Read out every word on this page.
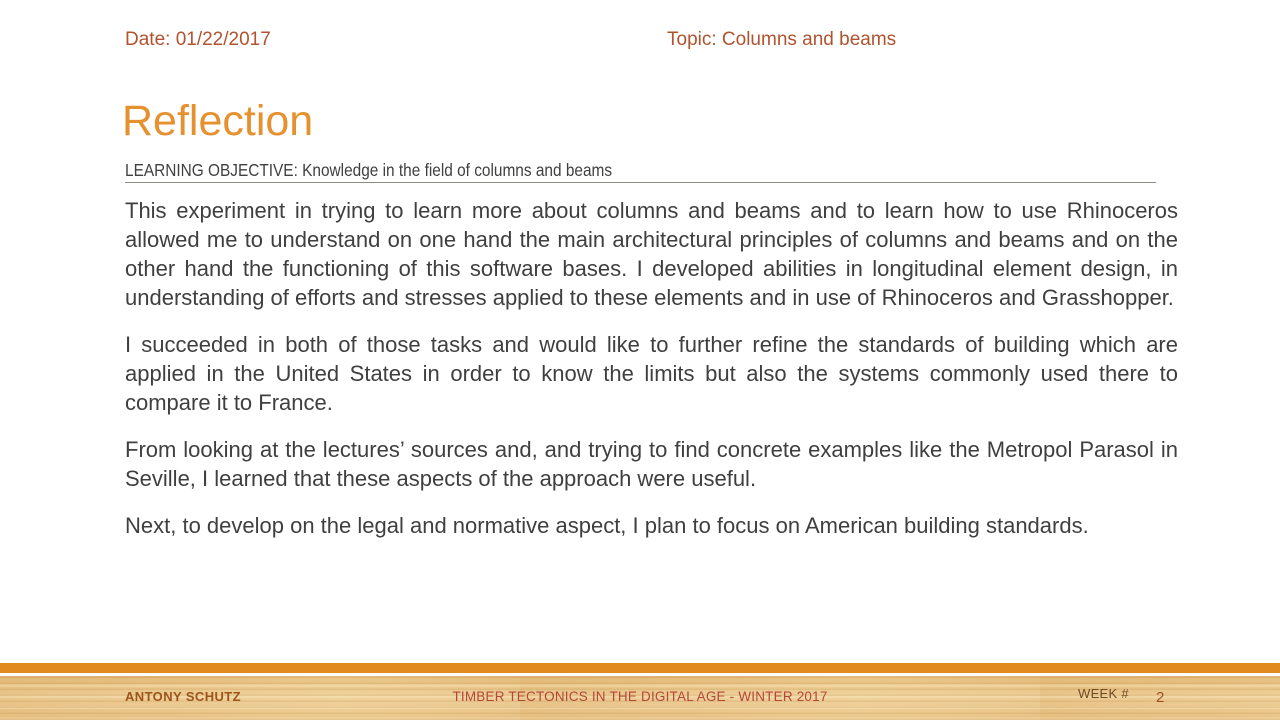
Date: 01/22/2017	Topic: Columns and beams
Reflection
LEARNING OBJECTIVE: Knowledge in the field of columns and beams

This experiment in trying to learn more about columns and beams and to learn how to use Rhinoceros allowed me to understand on one hand the main architectural principles of columns and beams and on the other hand the functioning of this software bases. I developed abilities in longitudinal element design, in understanding of efforts and stresses applied to these elements and in use of Rhinoceros and Grasshopper.

I succeeded in both of those tasks and would like to further refine the standards of building which are applied in the United States in order to know the limits but also the systems commonly used there to compare it to France.

From looking at the lectures’ sources and, and trying to find concrete examples like the Metropol Parasol in Seville, I learned that these aspects of the approach were useful.

Next, to develop on the legal and normative aspect, I plan to focus on American building standards.

ANTONY SCHUTZ	TIMBER TECTONICS IN THE DIGITAL AGE - WINTER 2017	WEEK # 2
